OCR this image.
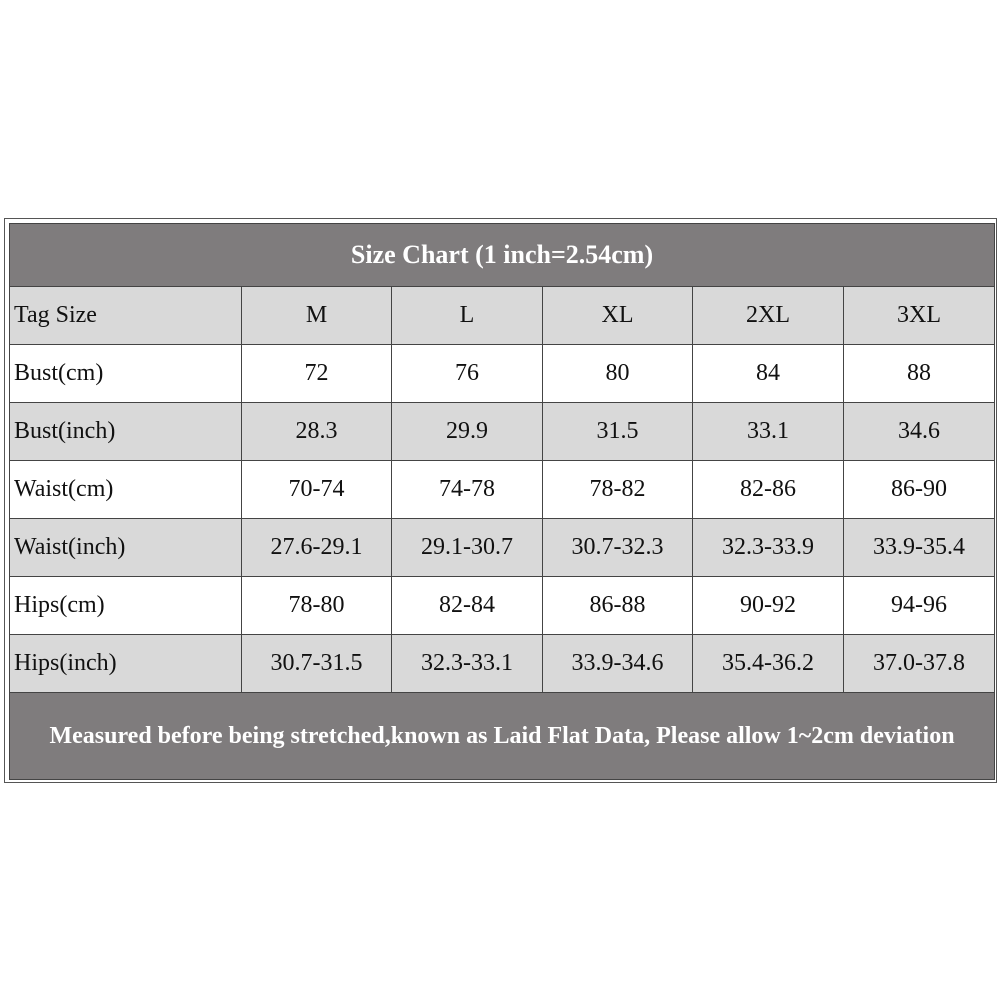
Size Chart (1 inch=2.54cm)					
Tag Size	M	L	XL	2XL	3XL
Bust(cm)	72	76	80	84	88
Bust(inch)	28.3	29.9	31.5	33.1	34.6
Waist(cm)	70-74	74-78	78-82	82-86	86-90
Waist(inch)	27.6-29.1	29.1-30.7	30.7-32.3	32.3-33.9	33.9-35.4
Hips(cm)	78-80	82-84	86-88	90-92	94-96
Hips(inch)	30.7-31.5	32.3-33.1	33.9-34.6	35.4-36.2	37.0-37.8
Measured before being stretched,known as Laid Flat Data, Please allow 1~2cm deviation					
